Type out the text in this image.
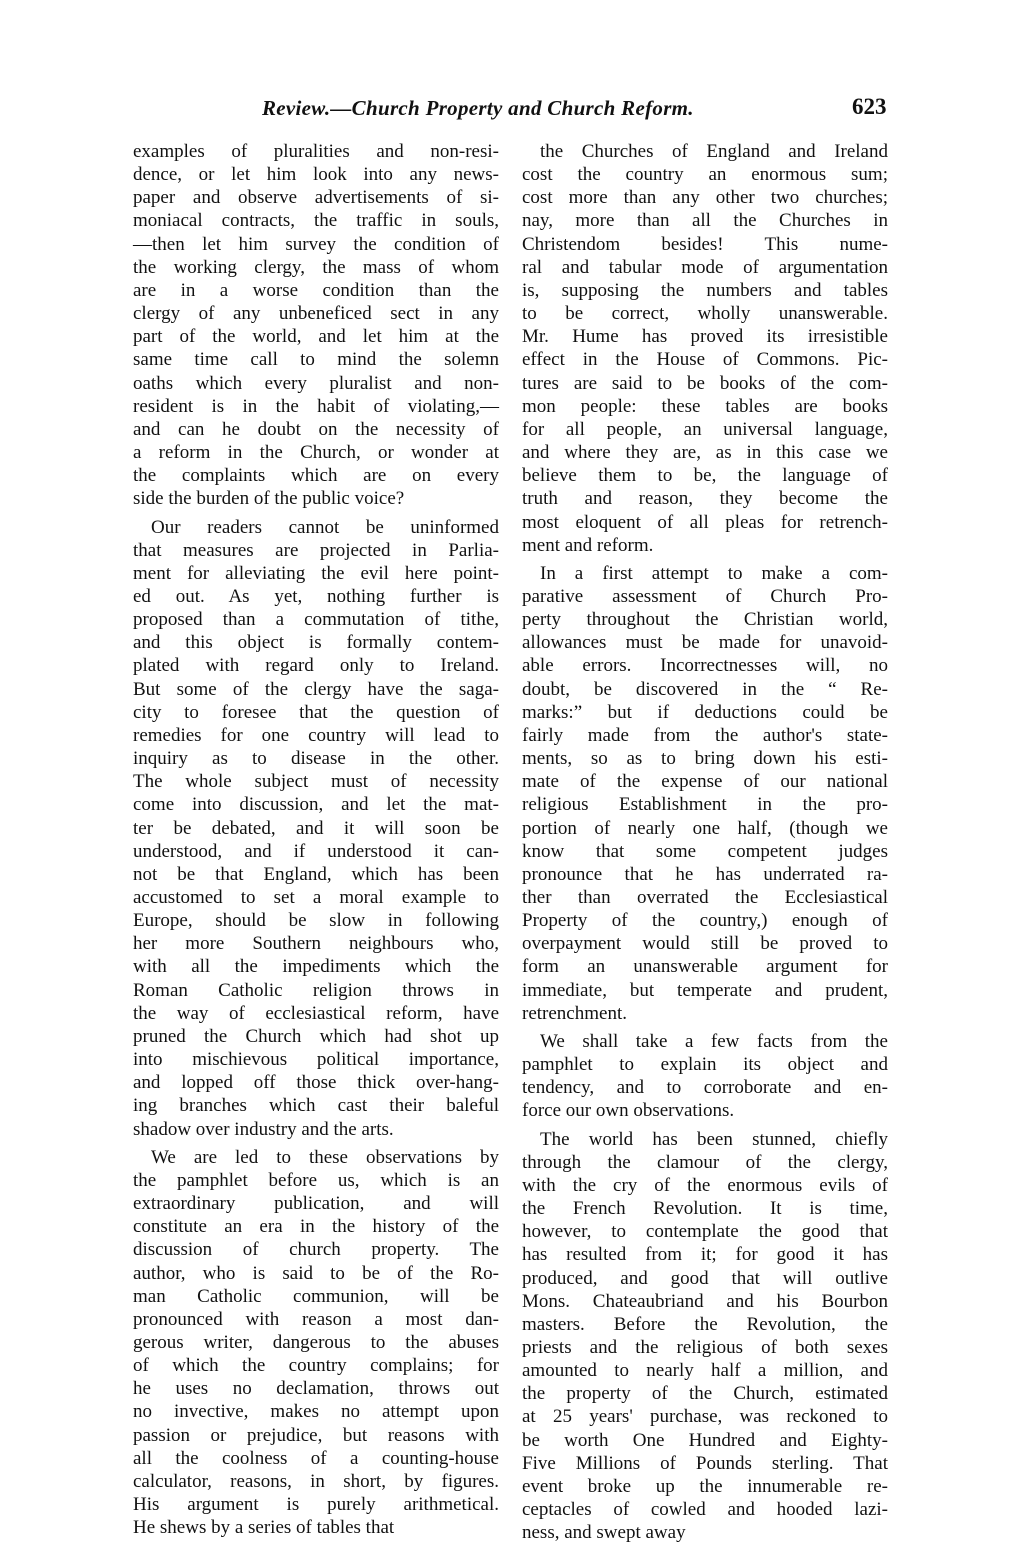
Review.—Church Property and Church Reform.	623
examples of pluralities and non-resi-
dence, or let him look into any news-
paper and observe advertisements of si-
moniacal contracts, the traffic in souls,
—then let him survey the condition of
the working clergy, the mass of whom
are in a worse condition than the
clergy of any unbeneficed sect in any
part of the world, and let him at the
same time call to mind the solemn
oaths which every pluralist and non-
resident is in the habit of violating,—
and can he doubt on the necessity of
a reform in the Church, or wonder at
the complaints which are on every
side the burden of the public voice?
Our readers cannot be uninformed
that measures are projected in Parlia-
ment for alleviating the evil here point-
ed out. As yet, nothing further is
proposed than a commutation of tithe,
and this object is formally contem-
plated with regard only to Ireland.
But some of the clergy have the saga-
city to foresee that the question of
remedies for one country will lead to
inquiry as to disease in the other.
The whole subject must of necessity
come into discussion, and let the mat-
ter be debated, and it will soon be
understood, and if understood it can-
not be that England, which has been
accustomed to set a moral example to
Europe, should be slow in following
her more Southern neighbours who,
with all the impediments which the
Roman Catholic religion throws in
the way of ecclesiastical reform, have
pruned the Church which had shot up
into mischievous political importance,
and lopped off those thick over-hang-
ing branches which cast their baleful
shadow over industry and the arts.
We are led to these observations by
the pamphlet before us, which is an
extraordinary publication, and will
constitute an era in the history of the
discussion of church property. The
author, who is said to be of the Ro-
man Catholic communion, will be
pronounced with reason a most dan-
gerous writer, dangerous to the abuses
of which the country complains; for
he uses no declamation, throws out
no invective, makes no attempt upon
passion or prejudice, but reasons with
all the coolness of a counting-house
calculator, reasons, in short, by figures.
His argument is purely arithmetical.
He shews by a series of tables that
the Churches of England and Ireland
cost the country an enormous sum;
cost more than any other two churches;
nay, more than all the Churches in
Christendom besides! This nume-
ral and tabular mode of argumentation
is, supposing the numbers and tables
to be correct, wholly unanswerable.
Mr. Hume has proved its irresistible
effect in the House of Commons. Pic-
tures are said to be books of the com-
mon people: these tables are books
for all people, an universal language,
and where they are, as in this case we
believe them to be, the language of
truth and reason, they become the
most eloquent of all pleas for retrench-
ment and reform.
In a first attempt to make a com-
parative assessment of Church Pro-
perty throughout the Christian world,
allowances must be made for unavoid-
able errors. Incorrectnesses will, no
doubt, be discovered in the “ Re-
marks:” but if deductions could be
fairly made from the author's state-
ments, so as to bring down his esti-
mate of the expense of our national
religious Establishment in the pro-
portion of nearly one half, (though we
know that some competent judges
pronounce that he has underrated ra-
ther than overrated the Ecclesiastical
Property of the country,) enough of
overpayment would still be proved to
form an unanswerable argument for
immediate, but temperate and prudent,
retrenchment.
We shall take a few facts from the
pamphlet to explain its object and
tendency, and to corroborate and en-
force our own observations.
The world has been stunned, chiefly
through the clamour of the clergy,
with the cry of the enormous evils of
the French Revolution. It is time,
however, to contemplate the good that
has resulted from it; for good it has
produced, and good that will outlive
Mons. Chateaubriand and his Bourbon
masters. Before the Revolution, the
priests and the religious of both sexes
amounted to nearly half a million, and
the property of the Church, estimated
at 25 years' purchase, was reckoned to
be worth One Hundred and Eighty-
Five Millions of Pounds sterling. That
event broke up the innumerable re-
ceptacles of cowled and hooded lazi-
ness, and swept away
